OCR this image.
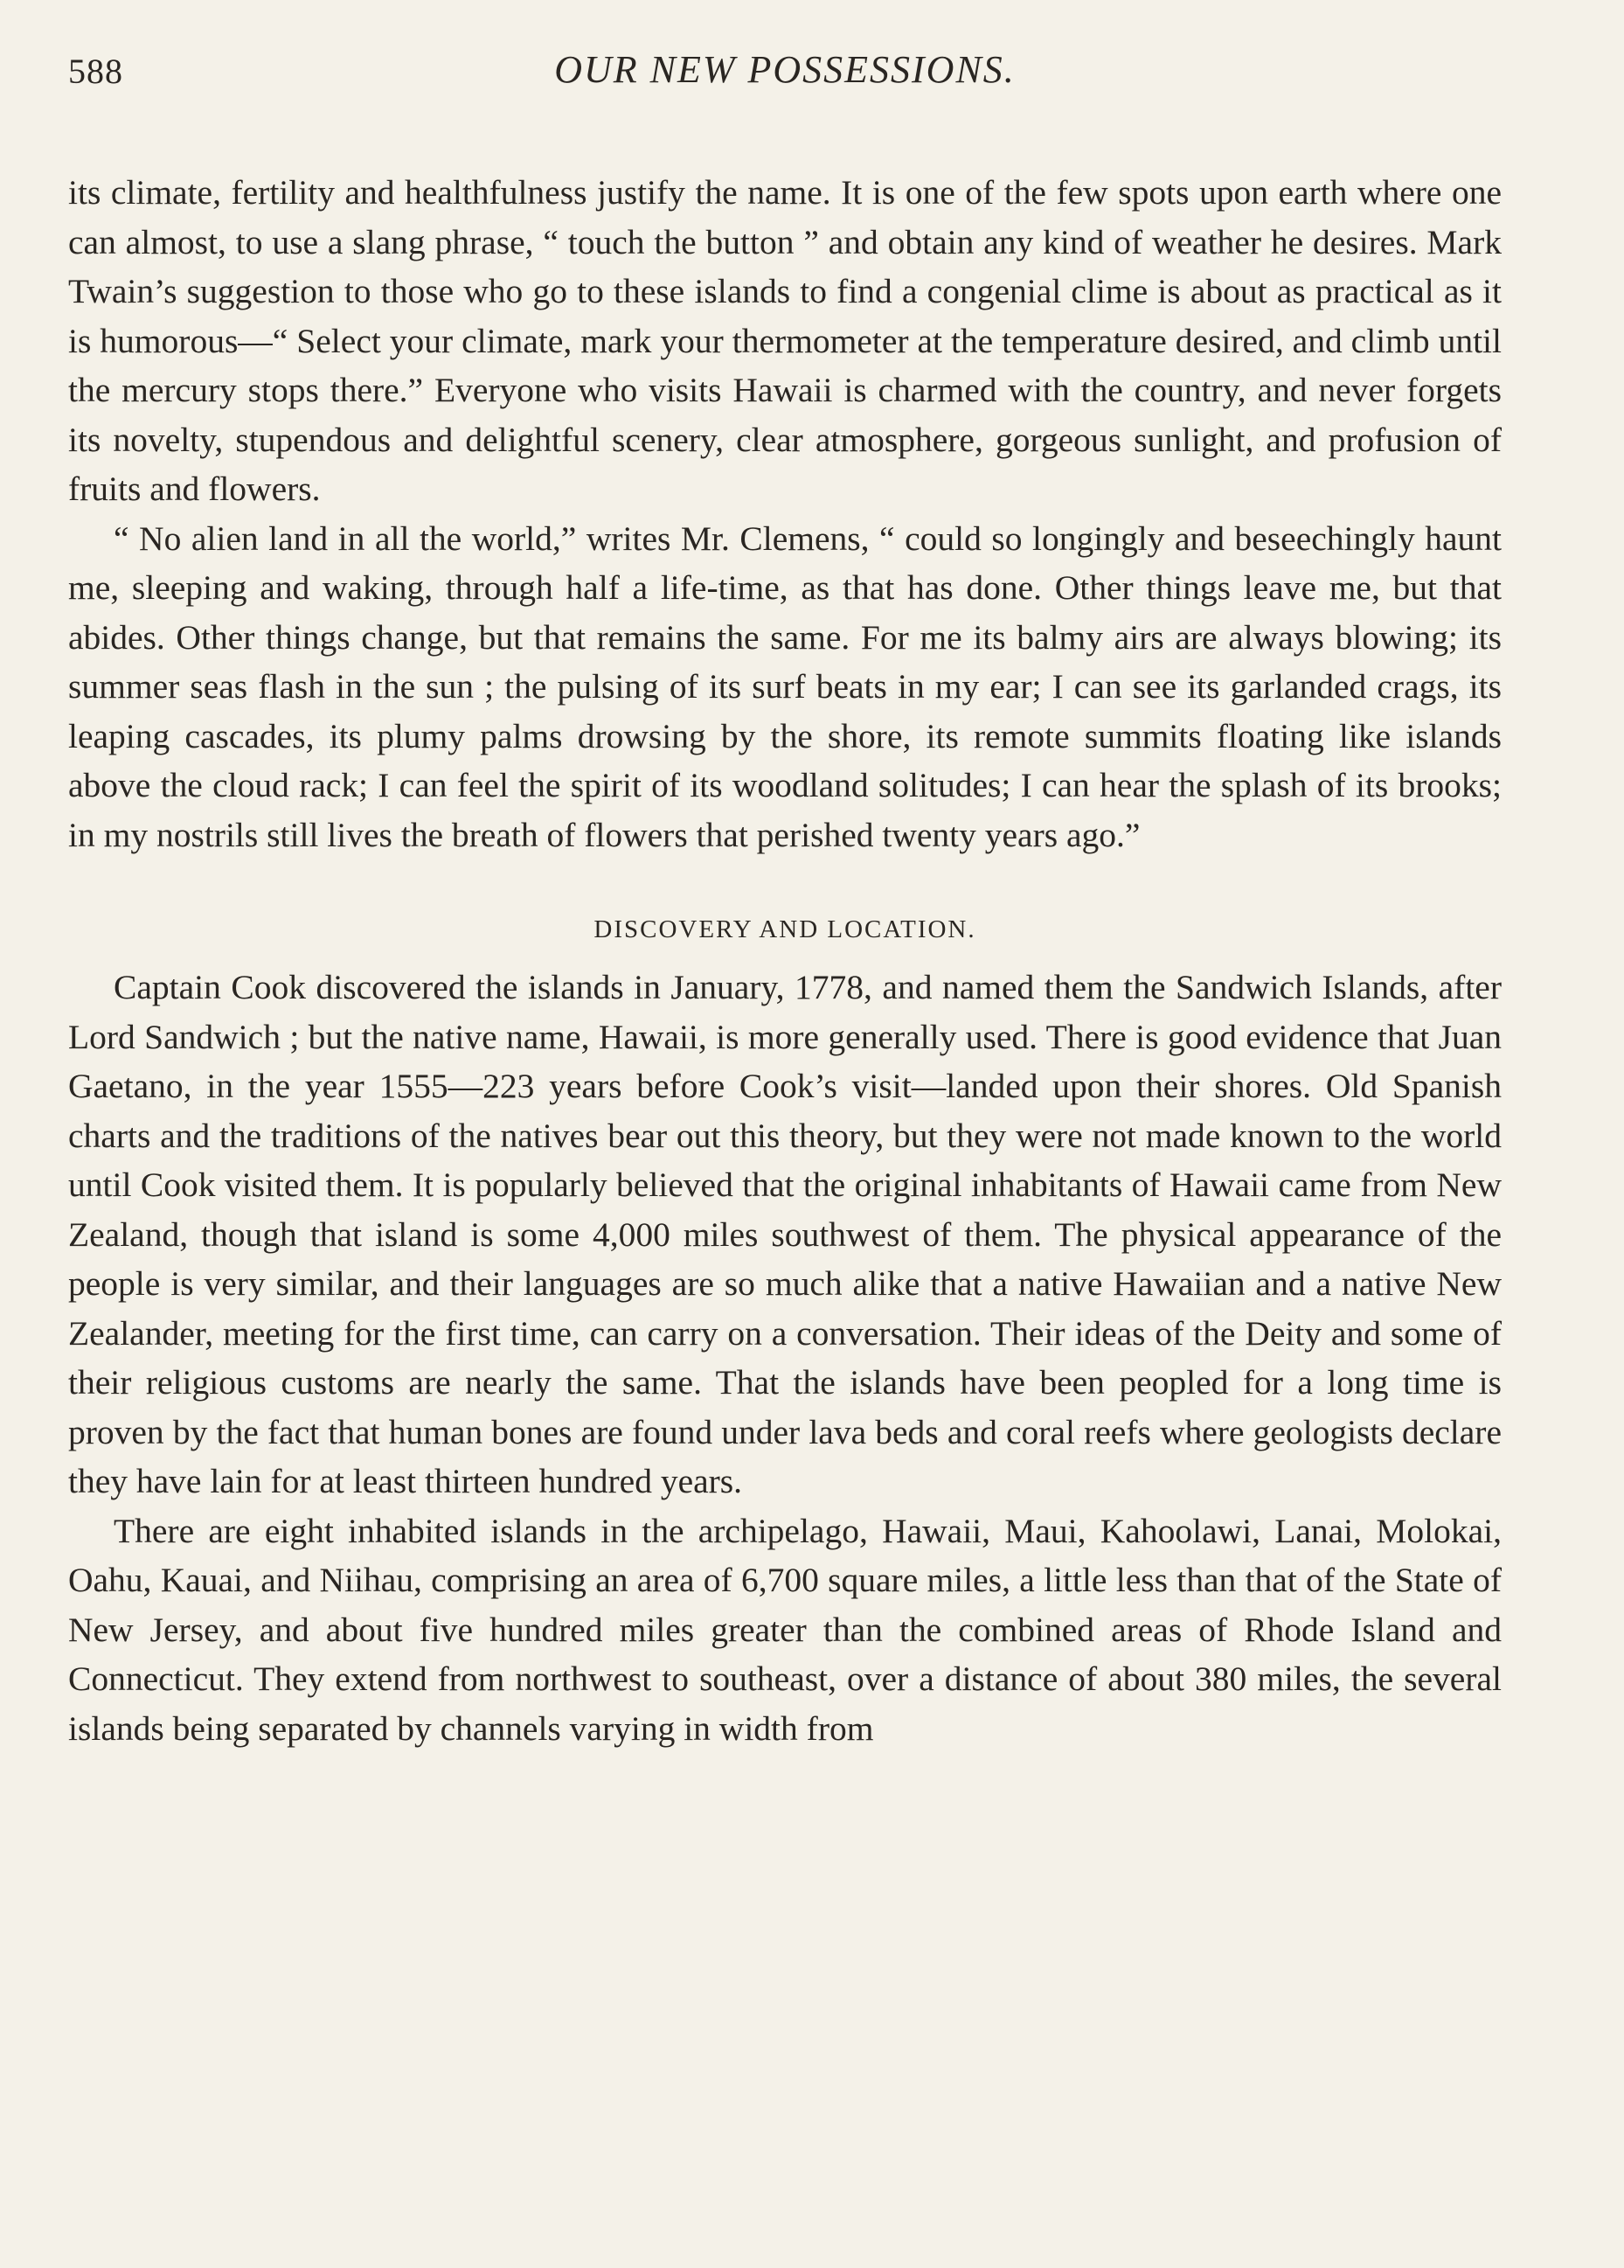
588	OUR NEW POSSESSIONS.

its climate, fertility and healthfulness justify the name. It is one of the few spots upon earth where one can almost, to use a slang phrase, “ touch the button ” and obtain any kind of weather he desires. Mark Twain’s suggestion to those who go to these islands to find a congenial clime is about as practical as it is humorous—“ Select your climate, mark your thermometer at the temperature desired, and climb until the mercury stops there.” Everyone who visits Hawaii is charmed with the country, and never forgets its novelty, stupendous and delightful scenery, clear atmosphere, gorgeous sunlight, and profusion of fruits and flowers.

“ No alien land in all the world,” writes Mr. Clemens, “ could so longingly and beseechingly haunt me, sleeping and waking, through half a life-time, as that has done. Other things leave me, but that abides. Other things change, but that remains the same. For me its balmy airs are always blowing; its summer seas flash in the sun ; the pulsing of its surf beats in my ear; I can see its garlanded crags, its leaping cascades, its plumy palms drowsing by the shore, its remote summits floating like islands above the cloud rack; I can feel the spirit of its woodland solitudes; I can hear the splash of its brooks; in my nostrils still lives the breath of flowers that perished twenty years ago.”

DISCOVERY AND LOCATION.

Captain Cook discovered the islands in January, 1778, and named them the Sandwich Islands, after Lord Sandwich ; but the native name, Hawaii, is more generally used. There is good evidence that Juan Gaetano, in the year 1555—223 years before Cook’s visit—landed upon their shores. Old Spanish charts and the traditions of the natives bear out this theory, but they were not made known to the world until Cook visited them. It is popularly believed that the original inhabitants of Hawaii came from New Zealand, though that island is some 4,000 miles southwest of them. The physical appearance of the people is very similar, and their languages are so much alike that a native Hawaiian and a native New Zealander, meeting for the first time, can carry on a conversation. Their ideas of the Deity and some of their religious customs are nearly the same. That the islands have been peopled for a long time is proven by the fact that human bones are found under lava beds and coral reefs where geologists declare they have lain for at least thirteen hundred years.

There are eight inhabited islands in the archipelago, Hawaii, Maui, Kahoolawi, Lanai, Molokai, Oahu, Kauai, and Niihau, comprising an area of 6,700 square miles, a little less than that of the State of New Jersey, and about five hundred miles greater than the combined areas of Rhode Island and Connecticut. They extend from northwest to southeast, over a distance of about 380 miles, the several islands being separated by channels varying in width from
